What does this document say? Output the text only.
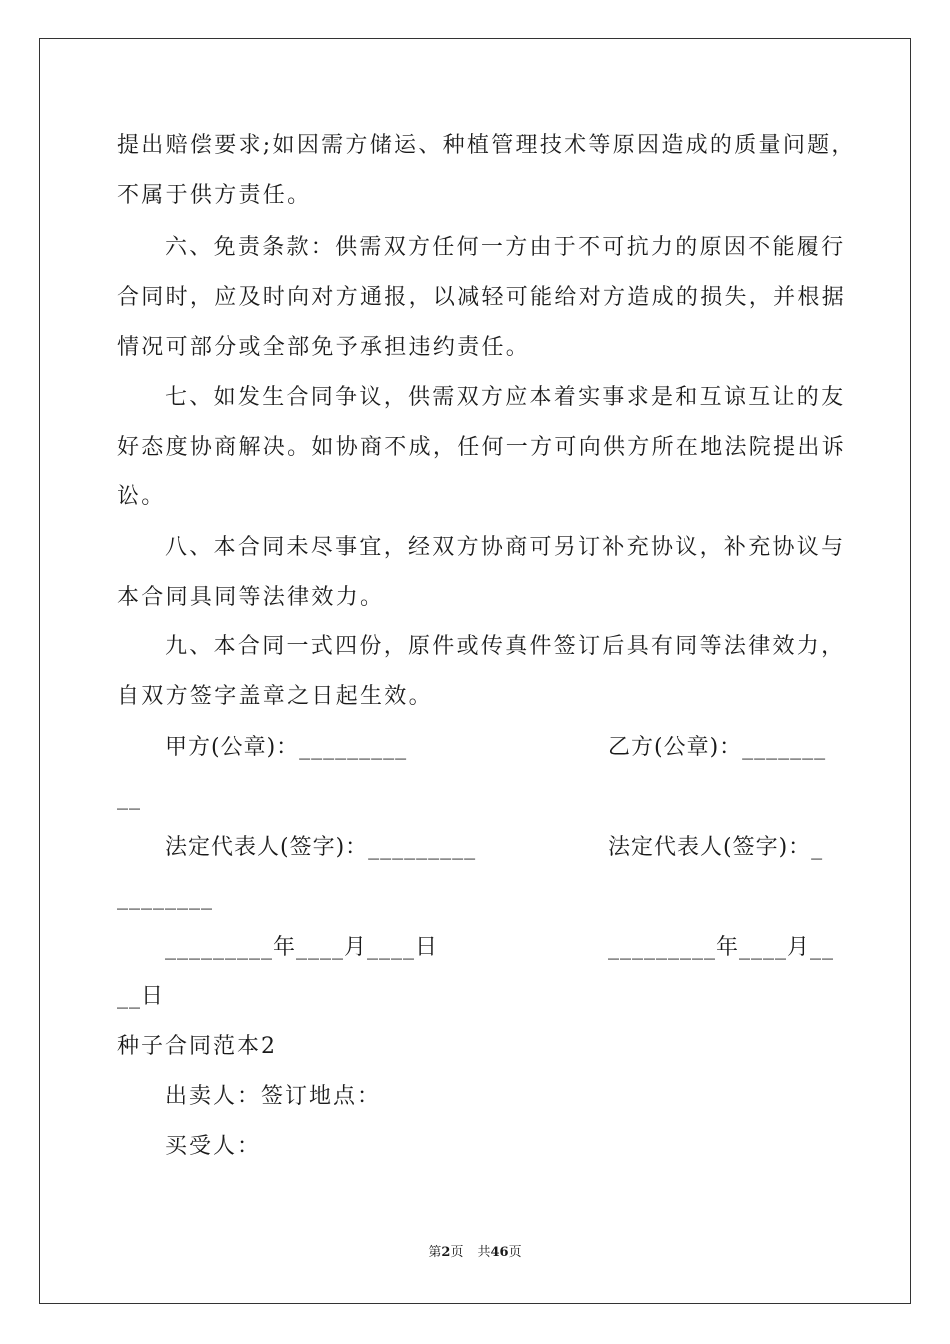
提出赔偿要求;如因需方储运、种植管理技术等原因造成的质量问题，
不属于供方责任。
六、免责条款：供需双方任何一方由于不可抗力的原因不能履行
合同时，应及时向对方通报，以减轻可能给对方造成的损失，并根据
情况可部分或全部免予承担违约责任。
七、如发生合同争议，供需双方应本着实事求是和互谅互让的友
好态度协商解决。如协商不成，任何一方可向供方所在地法院提出诉
讼。
八、本合同未尽事宜，经双方协商可另订补充协议，补充协议与
本合同具同等法律效力。
九、本合同一式四份，原件或传真件签订后具有同等法律效力，
自双方签字盖章之日起生效。
甲方(公章)：_________	乙方(公章)：_______
__
法定代表人(签字)：_________	法定代表人(签字)：_
________
_________年____月____日	_________年____月__
__日
种子合同范本2
出卖人：签订地点：
买受人：
第2页 共46页
